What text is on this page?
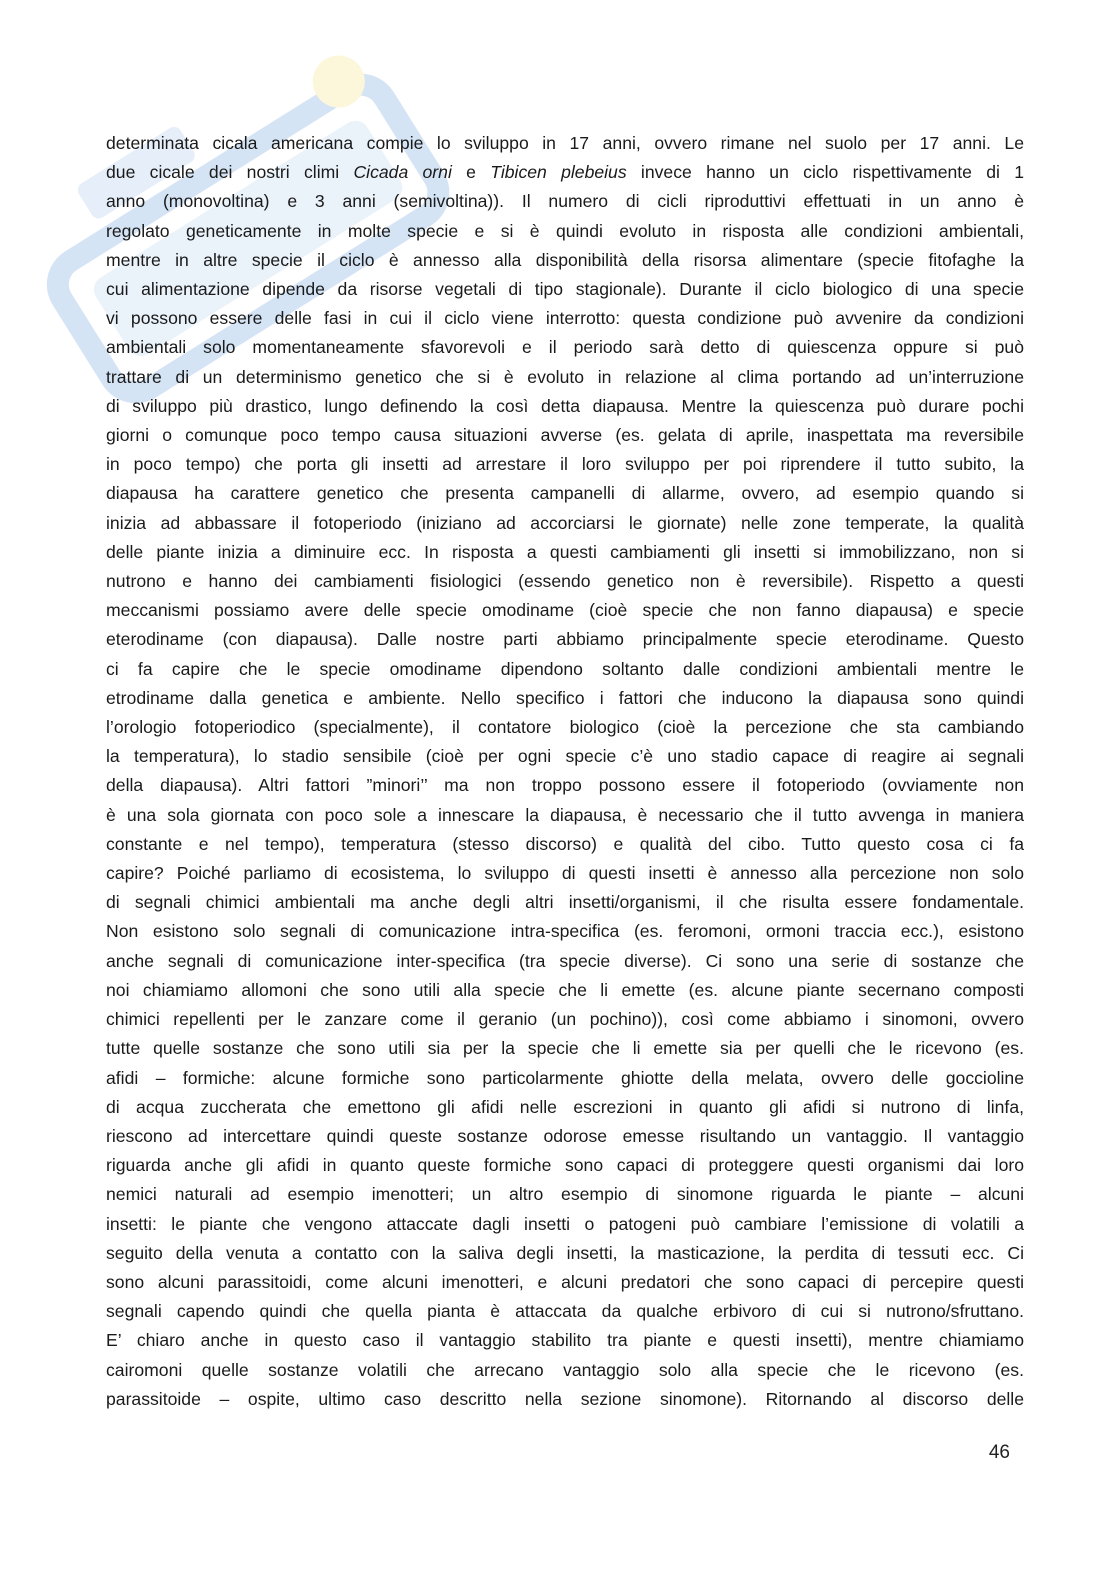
determinata cicala americana compie lo sviluppo in 17 anni, ovvero rimane nel suolo per 17 anni. Le
due cicale dei nostri climi Cicada orni e Tibicen plebeius invece hanno un ciclo rispettivamente di 1
anno (monovoltina) e 3 anni (semivoltina)). Il numero di cicli riproduttivi effettuati in un anno è
regolato geneticamente in molte specie e si è quindi evoluto in risposta alle condizioni ambientali,
mentre in altre specie il ciclo è annesso alla disponibilità della risorsa alimentare (specie fitofaghe la
cui alimentazione dipende da risorse vegetali di tipo stagionale). Durante il ciclo biologico di una specie
vi possono essere delle fasi in cui il ciclo viene interrotto: questa condizione può avvenire da condizioni
ambientali solo momentaneamente sfavorevoli e il periodo sarà detto di quiescenza oppure si può
trattare di un determinismo genetico che si è evoluto in relazione al clima portando ad un’interruzione
di sviluppo più drastico, lungo definendo la così detta diapausa. Mentre la quiescenza può durare pochi
giorni o comunque poco tempo causa situazioni avverse (es. gelata di aprile, inaspettata ma reversibile
in poco tempo) che porta gli insetti ad arrestare il loro sviluppo per poi riprendere il tutto subito, la
diapausa ha carattere genetico che presenta campanelli di allarme, ovvero, ad esempio quando si
inizia ad abbassare il fotoperiodo (iniziano ad accorciarsi le giornate) nelle zone temperate, la qualità
delle piante inizia a diminuire ecc. In risposta a questi cambiamenti gli insetti si immobilizzano, non si
nutrono e hanno dei cambiamenti fisiologici (essendo genetico non è reversibile). Rispetto a questi
meccanismi possiamo avere delle specie omodiname (cioè specie che non fanno diapausa) e specie
eterodiname (con diapausa). Dalle nostre parti abbiamo principalmente specie eterodiname. Questo
ci fa capire che le specie omodiname dipendono soltanto dalle condizioni ambientali mentre le
etrodiname dalla genetica e ambiente. Nello specifico i fattori che inducono la diapausa sono quindi
l’orologio fotoperiodico (specialmente), il contatore biologico (cioè la percezione che sta cambiando
la temperatura), lo stadio sensibile (cioè per ogni specie c’è uno stadio capace di reagire ai segnali
della diapausa). Altri fattori ”minori’’ ma non troppo possono essere il fotoperiodo (ovviamente non
è una sola giornata con poco sole a innescare la diapausa, è necessario che il tutto avvenga in maniera
constante e nel tempo), temperatura (stesso discorso) e qualità del cibo. Tutto questo cosa ci fa
capire? Poiché parliamo di ecosistema, lo sviluppo di questi insetti è annesso alla percezione non solo
di segnali chimici ambientali ma anche degli altri insetti/organismi, il che risulta essere fondamentale.
Non esistono solo segnali di comunicazione intra-specifica (es. feromoni, ormoni traccia ecc.), esistono
anche segnali di comunicazione inter-specifica (tra specie diverse). Ci sono una serie di sostanze che
noi chiamiamo allomoni che sono utili alla specie che li emette (es. alcune piante secernano composti
chimici repellenti per le zanzare come il geranio (un pochino)), così come abbiamo i sinomoni, ovvero
tutte quelle sostanze che sono utili sia per la specie che li emette sia per quelli che le ricevono (es.
afidi – formiche: alcune formiche sono particolarmente ghiotte della melata, ovvero delle goccioline
di acqua zuccherata che emettono gli afidi nelle escrezioni in quanto gli afidi si nutrono di linfa,
riescono ad intercettare quindi queste sostanze odorose emesse risultando un vantaggio. Il vantaggio
riguarda anche gli afidi in quanto queste formiche sono capaci di proteggere questi organismi dai loro
nemici naturali ad esempio imenotteri; un altro esempio di sinomone riguarda le piante – alcuni
insetti: le piante che vengono attaccate dagli insetti o patogeni può cambiare l’emissione di volatili a
seguito della venuta a contatto con la saliva degli insetti, la masticazione, la perdita di tessuti ecc. Ci
sono alcuni parassitoidi, come alcuni imenotteri, e alcuni predatori che sono capaci di percepire questi
segnali capendo quindi che quella pianta è attaccata da qualche erbivoro di cui si nutrono/sfruttano.
E’ chiaro anche in questo caso il vantaggio stabilito tra piante e questi insetti), mentre chiamiamo
cairomoni quelle sostanze volatili che arrecano vantaggio solo alla specie che le ricevono (es.
parassitoide – ospite, ultimo caso descritto nella sezione sinomone). Ritornando al discorso delle
46
